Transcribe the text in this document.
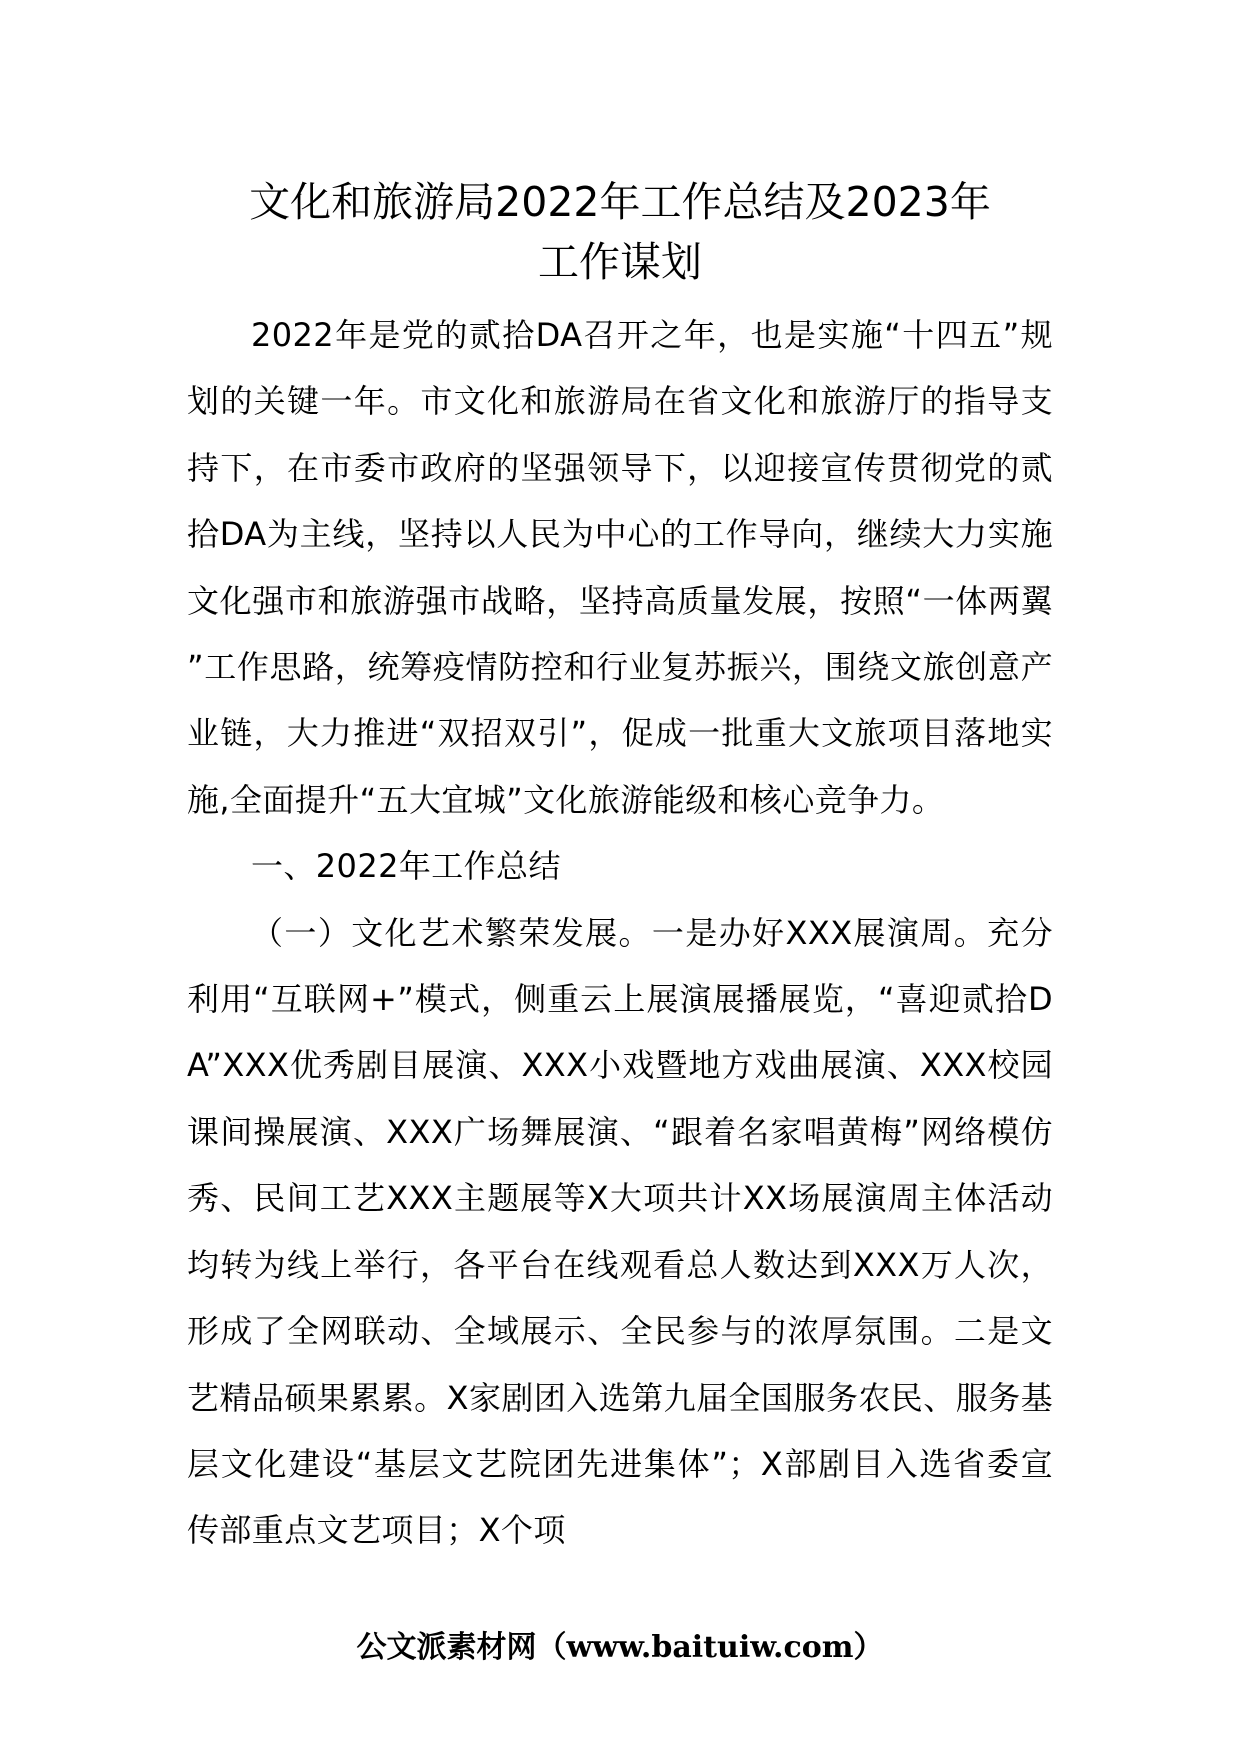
文化和旅游局2022年工作总结及2023年
工作谋划

2022年是党的贰拾DA召开之年，也是实施“十四五”规划的关键一年。市文化和旅游局在省文化和旅游厅的指导支持下，在市委市政府的坚强领导下，以迎接宣传贯彻党的贰拾DA为主线，坚持以人民为中心的工作导向，继续大力实施文化强市和旅游强市战略，坚持高质量发展，按照“一体两翼”工作思路，统筹疫情防控和行业复苏振兴，围绕文旅创意产业链，大力推进“双招双引”，促成一批重大文旅项目落地实施,全面提升“五大宜城”文化旅游能级和核心竞争力。

一、2022年工作总结

（一）文化艺术繁荣发展。一是办好XXX展演周。充分利用“互联网+”模式，侧重云上展演展播展览，“喜迎贰拾DA”XXX优秀剧目展演、XXX小戏暨地方戏曲展演、XXX校园课间操展演、XXX广场舞展演、“跟着名家唱黄梅”网络模仿秀、民间工艺XXX主题展等X大项共计XX场展演周主体活动均转为线上举行，各平台在线观看总人数达到XXX万人次，形成了全网联动、全域展示、全民参与的浓厚氛围。二是文艺精品硕果累累。X家剧团入选第九届全国服务农民、服务基层文化建设“基层文艺院团先进集体”；X部剧目入选省委宣传部重点文艺项目；X个项

公文派素材网（www.baituiw.com）
